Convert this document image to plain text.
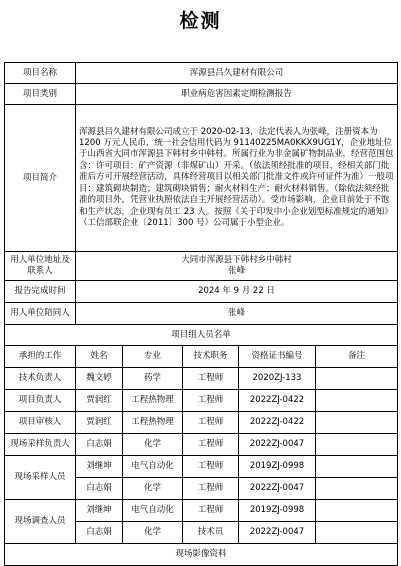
检测
项目名称	浑源县吕久建材有限公司				
项目类别	职业病危害因素定期检测报告				
项目简介	浑源县吕久建材有限公司成立于 2020-02-13，法定代表人为张峰，注册资本为 1200 万元人民币，统一社会信用代码为 91140225MA0KKX9UG1Y，企业地址位于山西省大同市浑源县下韩村乡中韩村。所属行业为非金属矿物制品业，经营范围包含：许可项目：矿产资源（非煤矿山）开采。（依法须经批准的项目，经相关部门批准后方可开展经营活动，具体经营项目以相关部门批准文件或许可证件为准）一般项目：建筑砌块制造；建筑砌块销售；耐火材料生产；耐火材料销售。（除依法须经批准的项目外，凭营业执照依法自主开展经营活动）。受市场影响，企业目前处于不饱和生产状态，企业现有员工 23 人。按照《关于印发中小企业划型标准规定的通知》（工信部联企业〔2011〕300 号）公司属于小型企业。				
用人单位地址及联系人	大同市浑源县下韩村乡中韩村
张峰				

报告完成时间	2024 年 9 月 22 日				
用人单位陪同人	张峰				
项目组人员名单					
承担的工作	姓名	专业	技术职务	资格证书编号	备注
技术负责人	魏文婷	药学	工程师	2020ZJ-133	
项目负责人	贾润红	工程热物理	工程师	2022ZJ-0422	
项目审核人	贾润红	工程热物理	工程师	2022ZJ-0422	
现场采样负责人	白志娟	化学	工程师	2022ZJ-0047	
现场采样人员	刘继坤	电气自动化	工程师	2019ZJ-0998	
	白志娟	化学	工程师	2022ZJ-0047	
现场调查人员	刘继坤	电气自动化	工程师	2019ZJ-0998	
	白志娟	化学	技术员	2022ZJ-0047	
现场影像资料					
